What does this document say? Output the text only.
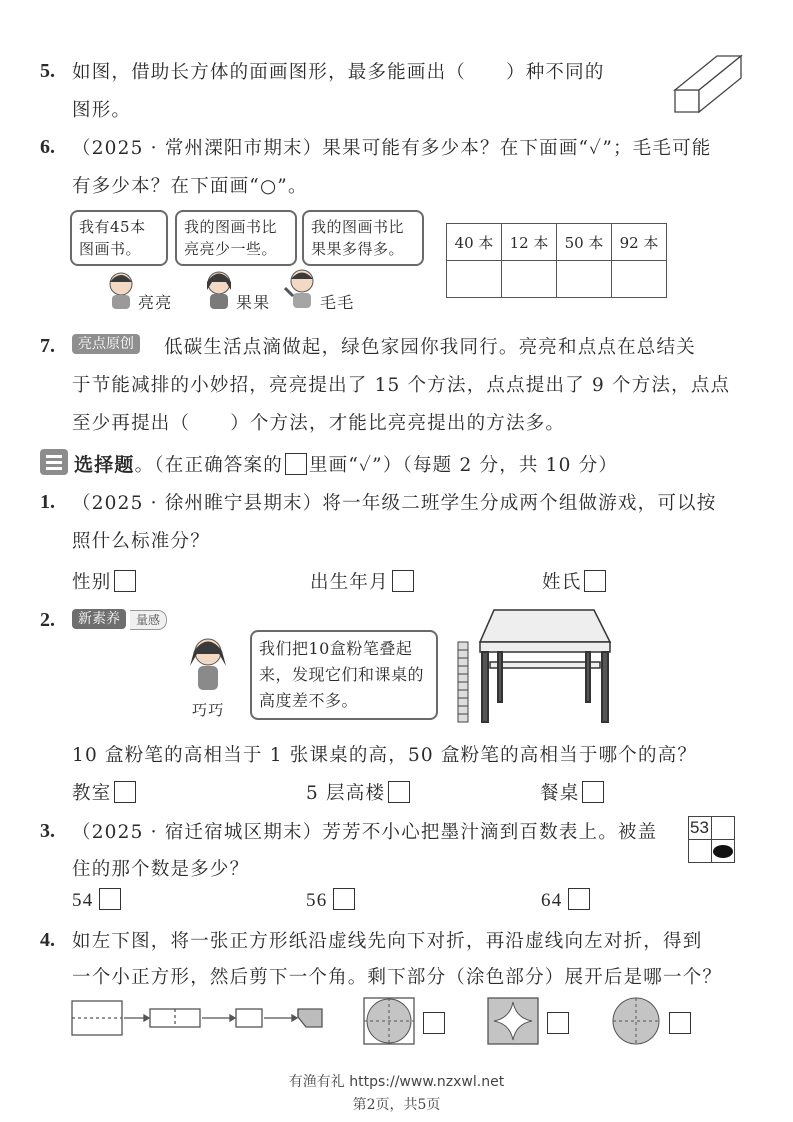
5. 如图，借助长方体的面画图形，最多能画出（ ）种不同的
图形。
6. （2025 · 常州溧阳市期末）果果可能有多少本？在下面画“✓”；毛毛可能
有多少本？在下面画“○”。
我有45本图画书。
我的图画书比亮亮少一些。
我的图画书比果果多得多。
亮亮	果果	毛毛
40 本	12 本	50 本	92 本

7.	亮点原创	低碳生活点滴做起，绿色家园你我同行。亮亮和点点在总结关
于节能减排的小妙招，亮亮提出了 15 个方法，点点提出了 9 个方法，点点
至少再提出（ ）个方法，才能比亮亮提出的方法多。
选择题。（在正确答案的 里画“✓”）（每题 2 分，共 10 分）
1. （2025 · 徐州睢宁县期末）将一年级二班学生分成两个组做游戏，可以按
照什么标准分？
性别	出生年月	姓氏
2.	新素养	量感
巧巧
我们把10盒粉笔叠起来，发现它们和课桌的高度差不多。
10 盒粉笔的高相当于 1 张课桌的高，50 盒粉笔的高相当于哪个的高？
教室	5 层高楼	餐桌
3. （2025 · 宿迁宿城区期末）芳芳不小心把墨汁滴到百数表上。被盖
住的那个数是多少？
53
54	56	64
4. 如左下图，将一张正方形纸沿虚线先向下对折，再沿虚线向左对折，得到
一个小正方形，然后剪下一个角。剩下部分（涂色部分）展开后是哪一个？
有渔有礼 https://www.nzxwl.net
第2页，共5页
